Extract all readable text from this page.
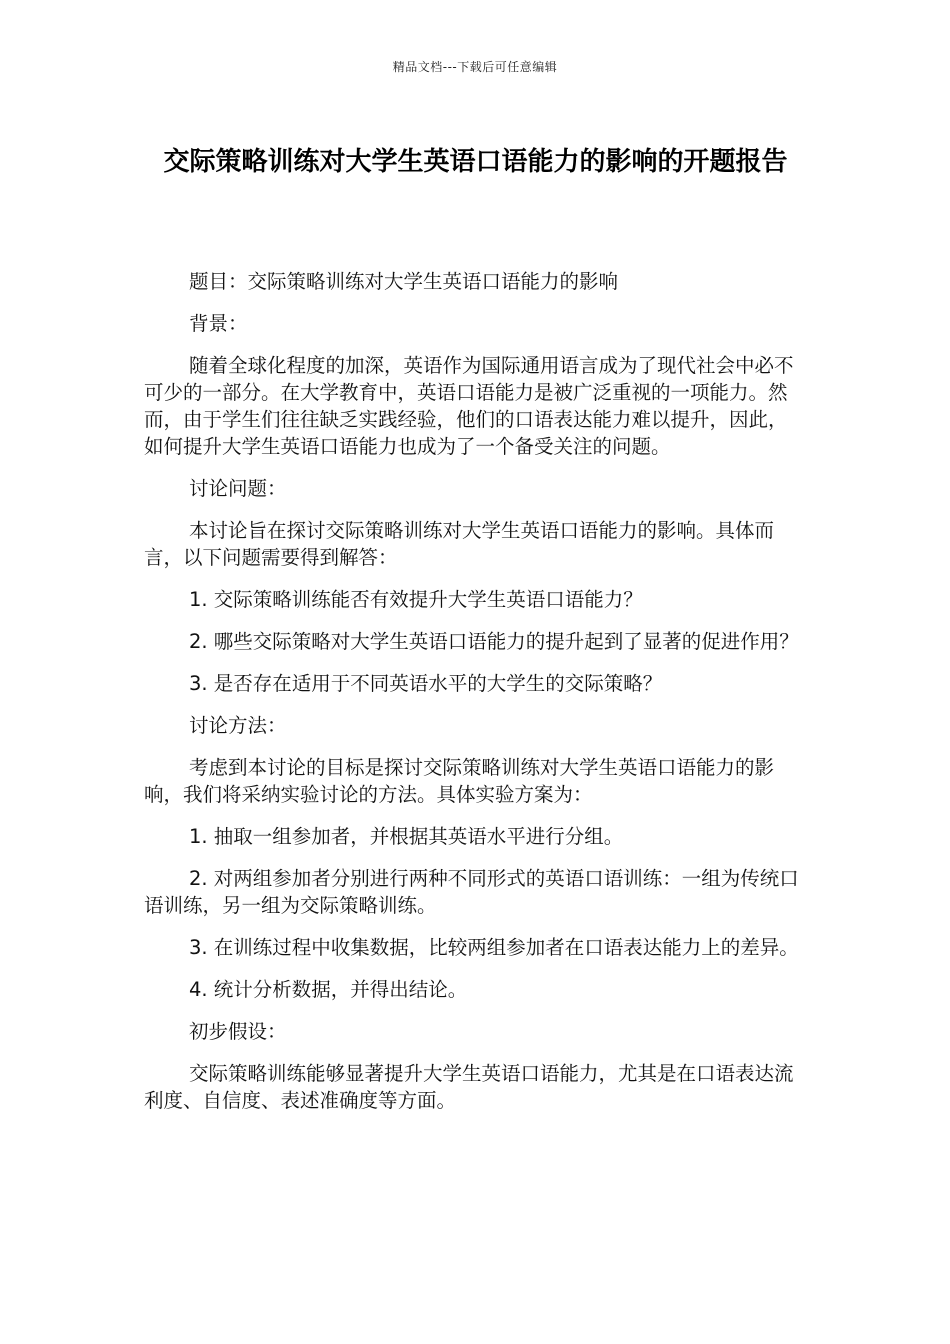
精品文档---下载后可任意编辑
交际策略训练对大学生英语口语能力的影响的开题报告

题目：交际策略训练对大学生英语口语能力的影响

背景：

随着全球化程度的加深，英语作为国际通用语言成为了现代社会中必不可少的一部分。在大学教育中，英语口语能力是被广泛重视的一项能力。然而，由于学生们往往缺乏实践经验，他们的口语表达能力难以提升，因此，如何提升大学生英语口语能力也成为了一个备受关注的问题。

讨论问题：

本讨论旨在探讨交际策略训练对大学生英语口语能力的影响。具体而言，以下问题需要得到解答：

1. 交际策略训练能否有效提升大学生英语口语能力？

2. 哪些交际策略对大学生英语口语能力的提升起到了显著的促进作用？

3. 是否存在适用于不同英语水平的大学生的交际策略？

讨论方法：

考虑到本讨论的目标是探讨交际策略训练对大学生英语口语能力的影响，我们将采纳实验讨论的方法。具体实验方案为：

1. 抽取一组参加者，并根据其英语水平进行分组。

2. 对两组参加者分别进行两种不同形式的英语口语训练：一组为传统口语训练，另一组为交际策略训练。

3. 在训练过程中收集数据，比较两组参加者在口语表达能力上的差异。

4. 统计分析数据，并得出结论。

初步假设：

交际策略训练能够显著提升大学生英语口语能力，尤其是在口语表达流利度、自信度、表述准确度等方面。
